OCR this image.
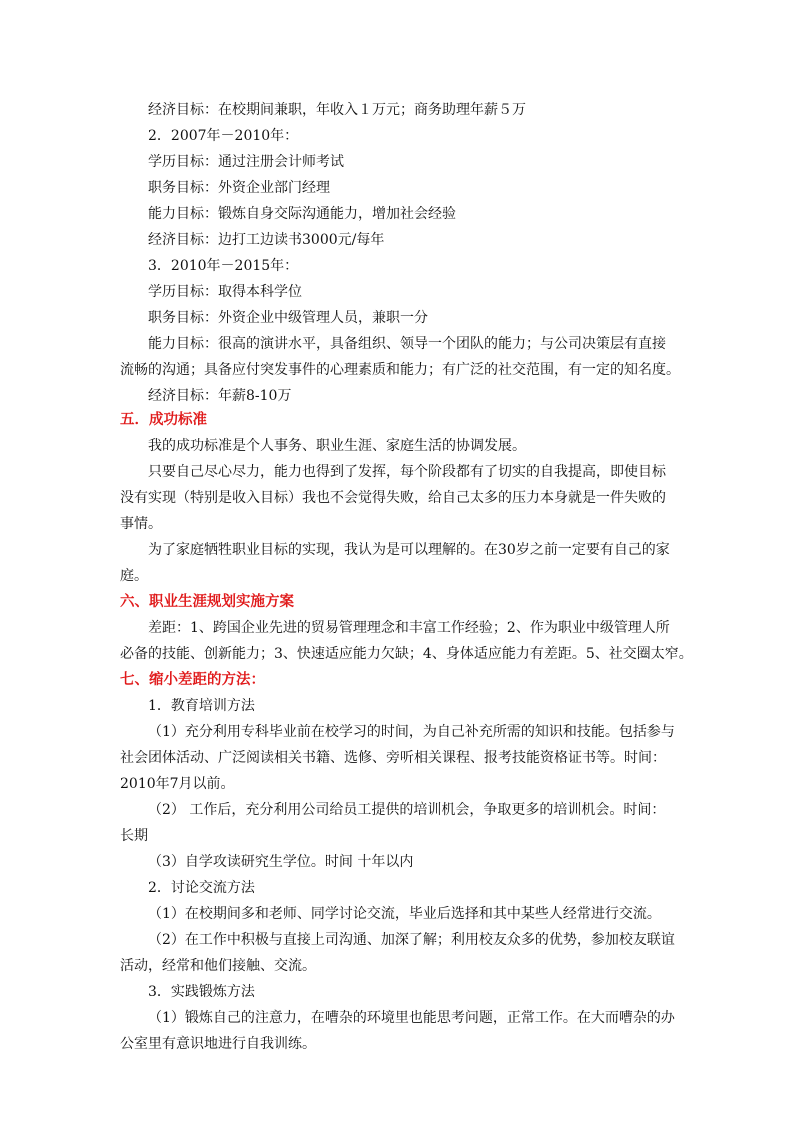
经济目标：在校期间兼职，年收入１万元；商务助理年薪５万
2．2007年－2010年：
学历目标：通过注册会计师考试
职务目标：外资企业部门经理
能力目标：锻炼自身交际沟通能力，增加社会经验
经济目标：边打工边读书3000元/每年
3．2010年－2015年：
学历目标：取得本科学位
职务目标：外资企业中级管理人员，兼职一分
能力目标：很高的演讲水平，具备组织、领导一个团队的能力；与公司决策层有直接
流畅的沟通；具备应付突发事件的心理素质和能力；有广泛的社交范围，有一定的知名度。
经济目标：年薪8-10万
五．成功标准
我的成功标准是个人事务、职业生涯、家庭生活的协调发展。
只要自己尽心尽力，能力也得到了发挥，每个阶段都有了切实的自我提高，即使目标
没有实现（特别是收入目标）我也不会觉得失败，给自己太多的压力本身就是一件失败的
事情。
为了家庭牺牲职业目标的实现，我认为是可以理解的。在30岁之前一定要有自己的家
庭。
六、职业生涯规划实施方案
差距：1、跨国企业先进的贸易管理理念和丰富工作经验；2、作为职业中级管理人所
必备的技能、创新能力；3、快速适应能力欠缺；4、身体适应能力有差距。5、社交圈太窄。
七、缩小差距的方法：
1．教育培训方法
（1）充分利用专科毕业前在校学习的时间，为自己补充所需的知识和技能。包括参与
社会团体活动、广泛阅读相关书籍、选修、旁听相关课程、报考技能资格证书等。时间：
2010年7月以前。
（2） 工作后，充分利用公司给员工提供的培训机会，争取更多的培训机会。时间：
长期
（3）自学攻读研究生学位。时间 十年以内
2．讨论交流方法
（1）在校期间多和老师、同学讨论交流，毕业后选择和其中某些人经常进行交流。
（2）在工作中积极与直接上司沟通、加深了解；利用校友众多的优势，参加校友联谊
活动，经常和他们接触、交流。
3．实践锻炼方法
（1）锻炼自己的注意力，在嘈杂的环境里也能思考问题，正常工作。在大而嘈杂的办
公室里有意识地进行自我训练。
